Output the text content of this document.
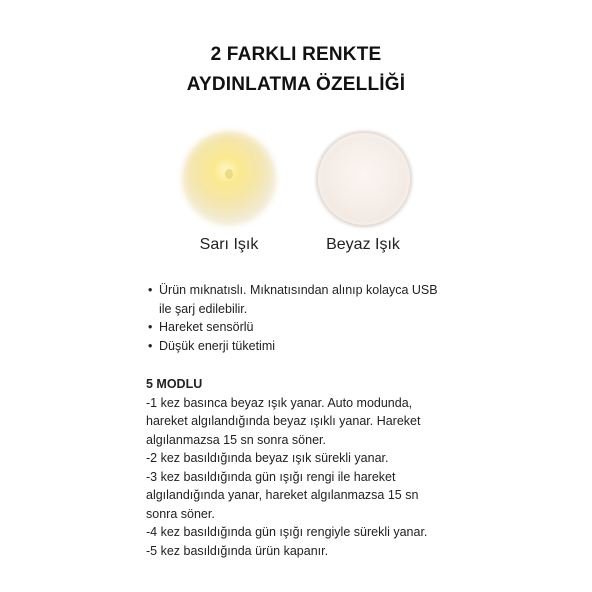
2 FARKLI RENKTE
AYDINLATMA ÖZELLİĞİ
Sarı Işık	Beyaz Işık
• Ürün mıknatıslı. Mıknatısından alınıp kolayca USB ile şarj edilebilir.
• Hareket sensörlü
• Düşük enerji tüketimi

5 MODLU

-1 kez basınca beyaz ışık yanar. Auto modunda, hareket algılandığında beyaz ışıklı yanar. Hareket algılanmazsa 15 sn sonra söner.

-2 kez basıldığında beyaz ışık sürekli yanar.

-3 kez basıldığında gün ışığı rengi ile hareket algılandığında yanar, hareket algılanmazsa 15 sn sonra söner.

-4 kez basıldığında gün ışığı rengiyle sürekli yanar.

-5 kez basıldığında ürün kapanır.
